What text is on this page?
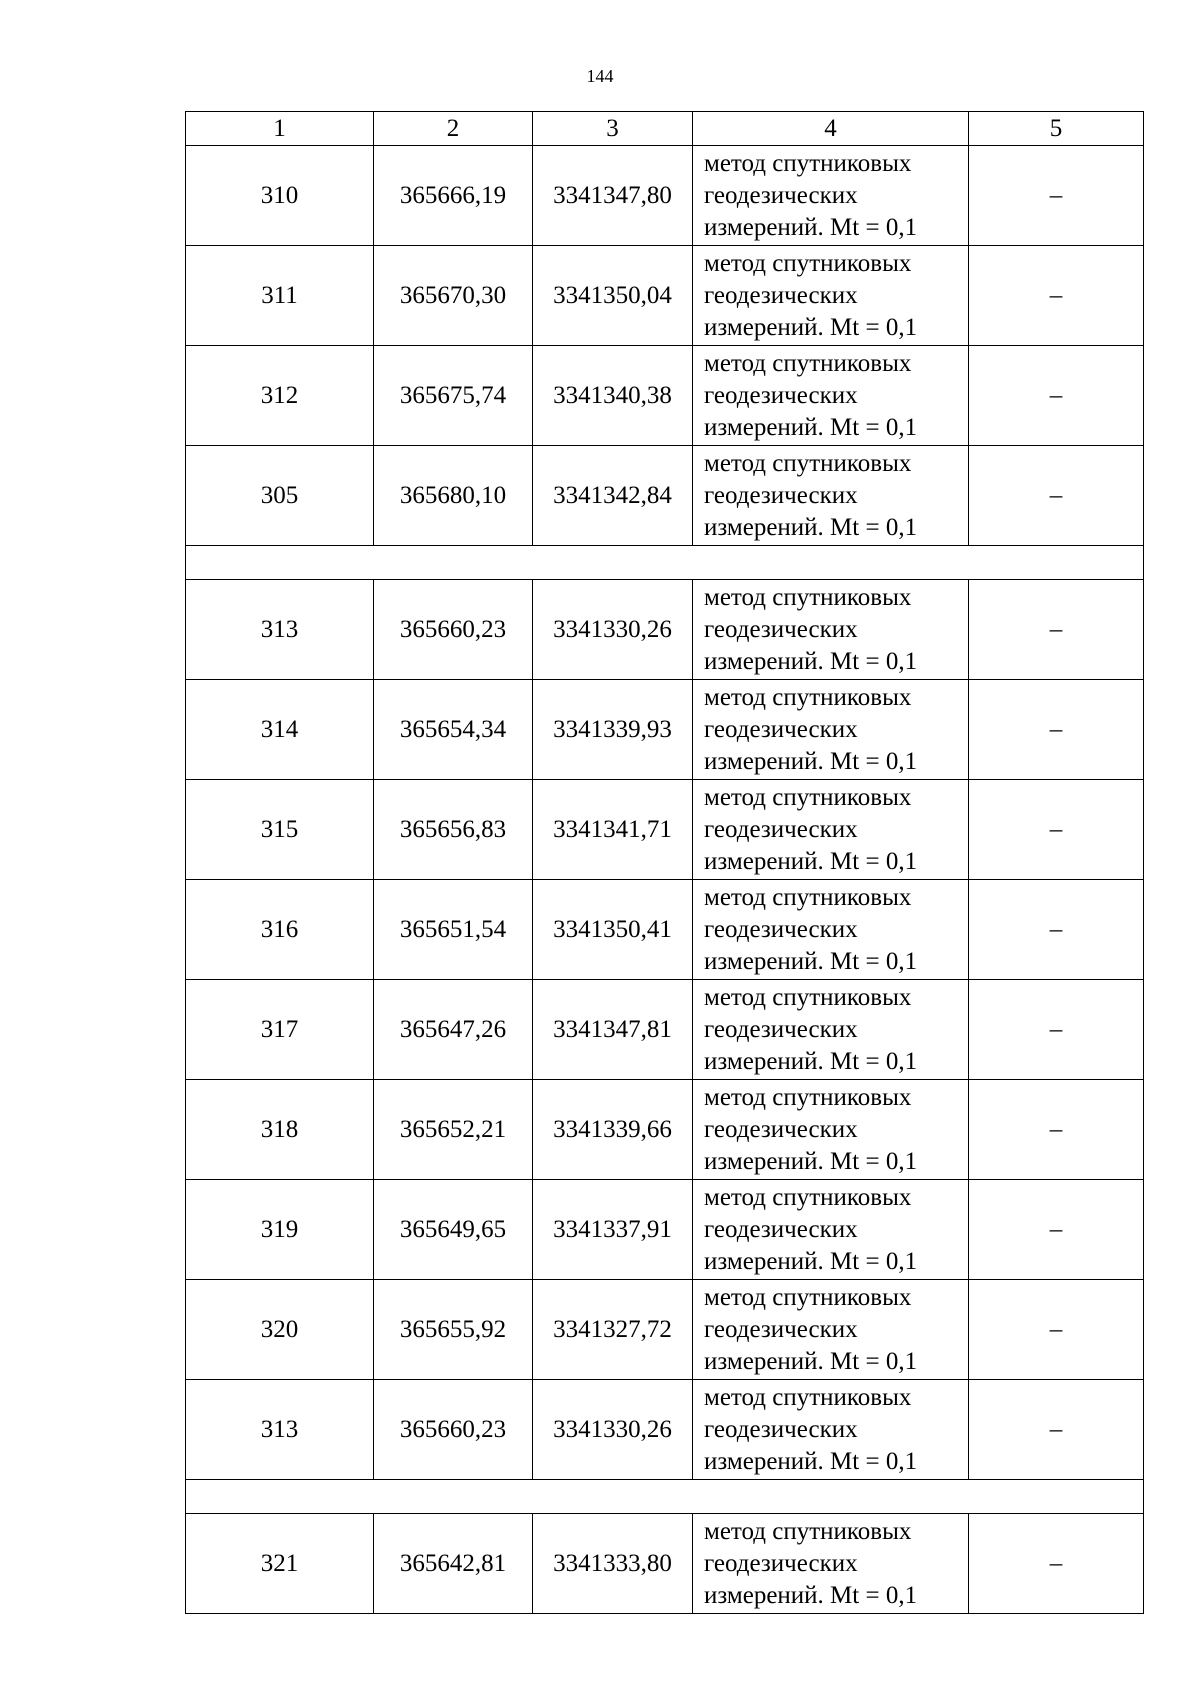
144
1	2	3	4	5
310	365666,19	3341347,80	метод спутниковых
геодезических
измерений. Mt = 0,1	–
311	365670,30	3341350,04	метод спутниковых
геодезических
измерений. Mt = 0,1	–
312	365675,74	3341340,38	метод спутниковых
геодезических
измерений. Mt = 0,1	–
305	365680,10	3341342,84	метод спутниковых
геодезических
измерений. Mt = 0,1	–

313	365660,23	3341330,26	метод спутниковых
геодезических
измерений. Mt = 0,1	–
314	365654,34	3341339,93	метод спутниковых
геодезических
измерений. Mt = 0,1	–
315	365656,83	3341341,71	метод спутниковых
геодезических
измерений. Mt = 0,1	–
316	365651,54	3341350,41	метод спутниковых
геодезических
измерений. Mt = 0,1	–
317	365647,26	3341347,81	метод спутниковых
геодезических
измерений. Mt = 0,1	–
318	365652,21	3341339,66	метод спутниковых
геодезических
измерений. Mt = 0,1	–
319	365649,65	3341337,91	метод спутниковых
геодезических
измерений. Mt = 0,1	–
320	365655,92	3341327,72	метод спутниковых
геодезических
измерений. Mt = 0,1	–
313	365660,23	3341330,26	метод спутниковых
геодезических
измерений. Mt = 0,1	–

321	365642,81	3341333,80	метод спутниковых
геодезических
измерений. Mt = 0,1	–
